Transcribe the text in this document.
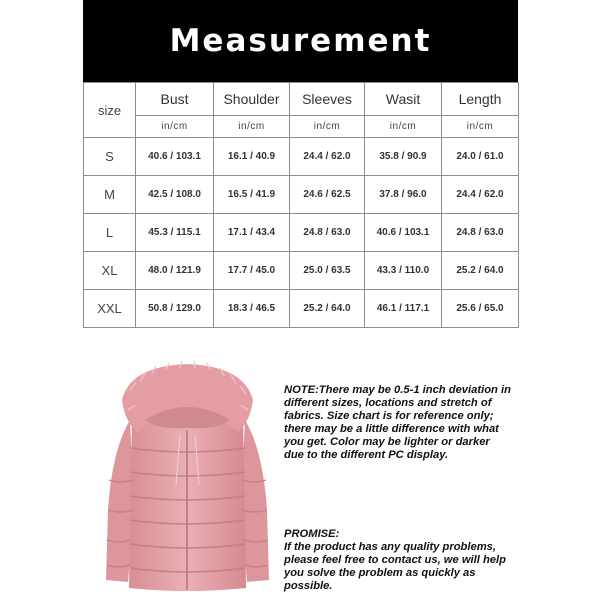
Measurement
size	Bust	Shoulder	Sleeves	Wasit	Length
	in/cm	in/cm	in/cm	in/cm	in/cm
S	40.6 / 103.1	16.1 / 40.9	24.4 / 62.0	35.8 / 90.9	24.0 / 61.0
M	42.5 / 108.0	16.5 / 41.9	24.6 / 62.5	37.8 / 96.0	24.4 / 62.0
L	45.3 / 115.1	17.1 / 43.4	24.8 / 63.0	40.6 / 103.1	24.8 / 63.0
XL	48.0 / 121.9	17.7 / 45.0	25.0 / 63.5	43.3 / 110.0	25.2 / 64.0
XXL	50.8 / 129.0	18.3 / 46.5	25.2 / 64.0	46.1 / 117.1	25.6 / 65.0
NOTE:There may be 0.5-1 inch deviation in different sizes, locations and stretch of fabrics. Size chart is for reference only; there may be a little difference with what you get. Color may be lighter or darker due to the different PC display.
PROMISE:
If the product has any quality problems, please feel free to contact us, we will help you solve the problem as quickly as possible.
